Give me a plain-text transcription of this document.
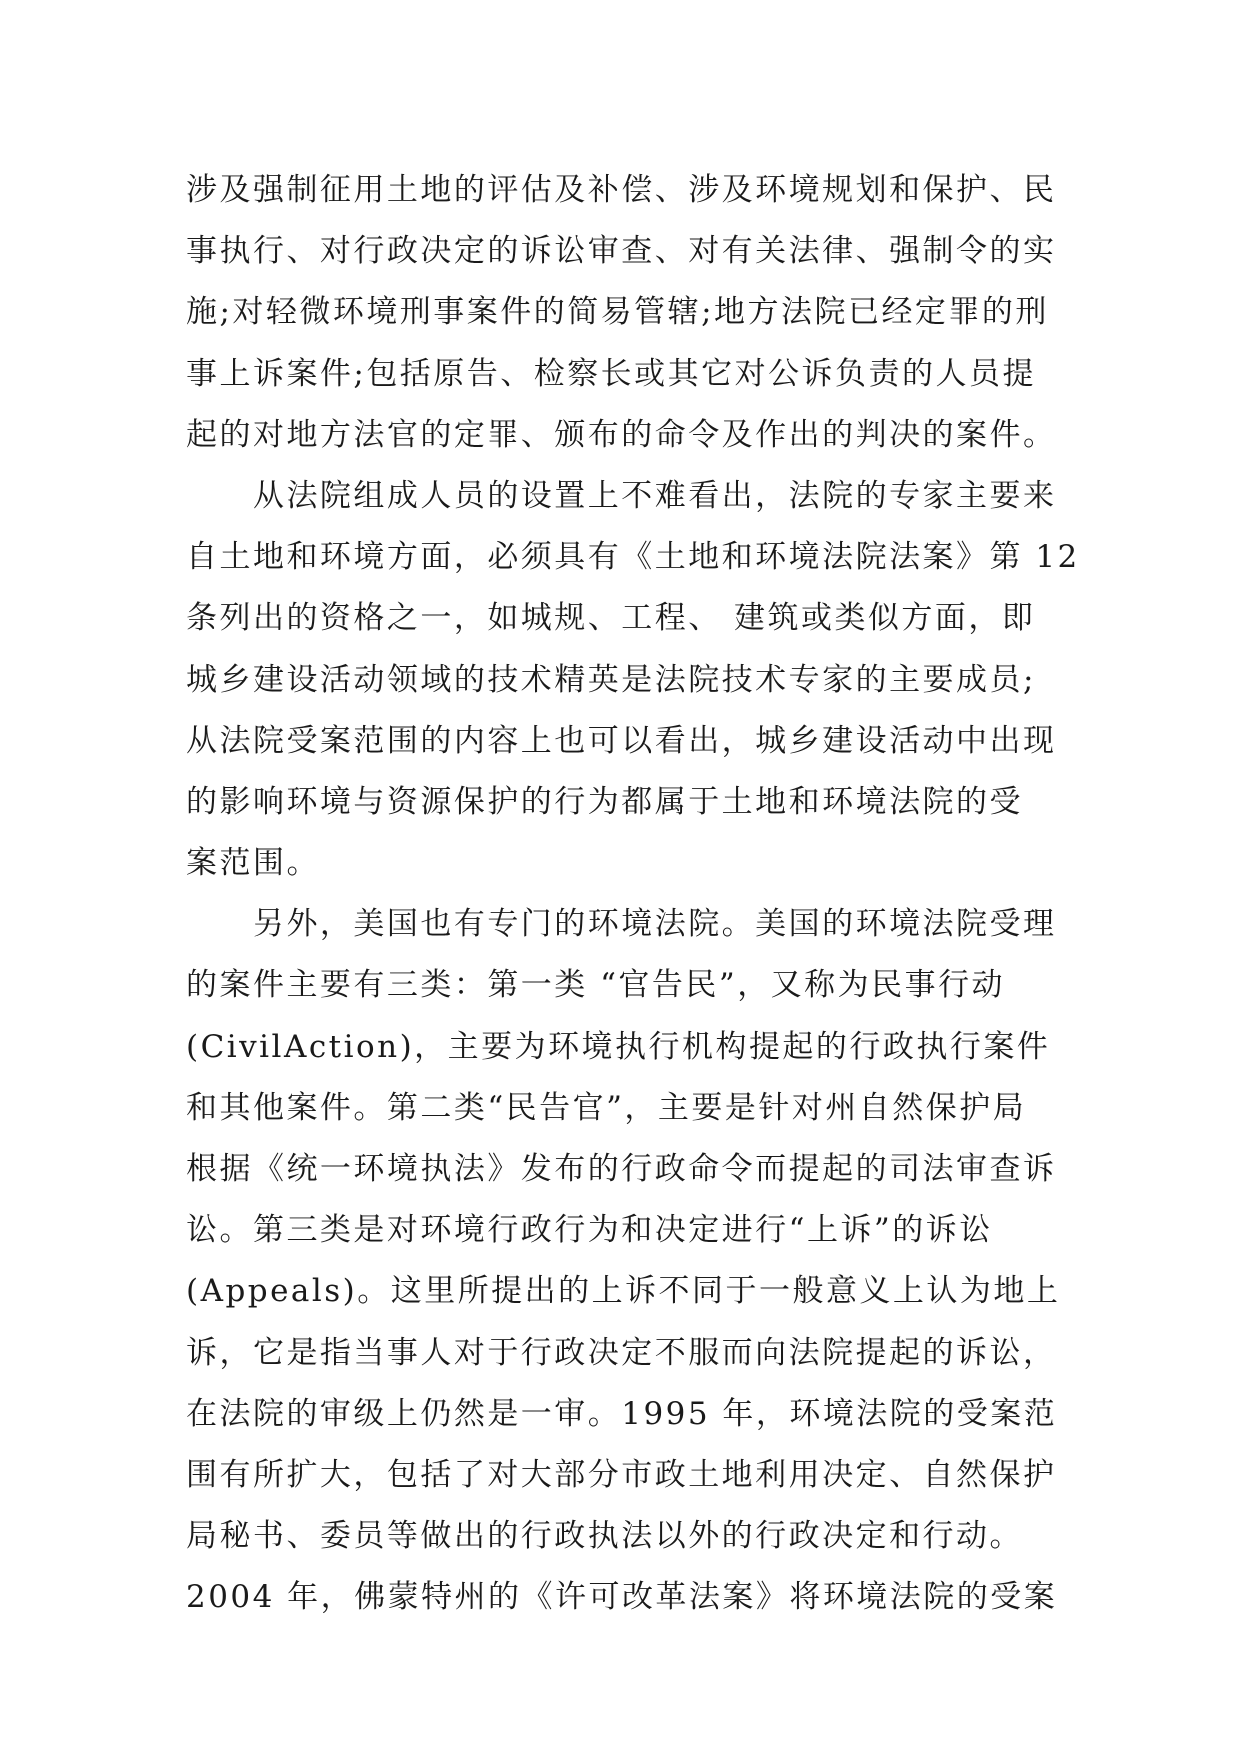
涉及强制征用土地的评估及补偿、涉及环境规划和保护、民
事执行、对行政决定的诉讼审查、对有关法律、强制令的实
施;对轻微环境刑事案件的简易管辖;地方法院已经定罪的刑
事上诉案件;包括原告、检察长或其它对公诉负责的人员提
起的对地方法官的定罪、颁布的命令及作出的判决的案件。
　　从法院组成人员的设置上不难看出，法院的专家主要来
自土地和环境方面，必须具有《土地和环境法院法案》第 12
条列出的资格之一，如城规、工程、 建筑或类似方面，即
城乡建设活动领域的技术精英是法院技术专家的主要成员;
从法院受案范围的内容上也可以看出，城乡建设活动中出现
的影响环境与资源保护的行为都属于土地和环境法院的受
案范围。
　　另外，美国也有专门的环境法院。美国的环境法院受理
的案件主要有三类：第一类 “官告民”，又称为民事行动
(CivilAction)，主要为环境执行机构提起的行政执行案件
和其他案件。第二类“民告官”，主要是针对州自然保护局
根据《统一环境执法》发布的行政命令而提起的司法审查诉
讼。第三类是对环境行政行为和决定进行“上诉”的诉讼
(Appeals)。这里所提出的上诉不同于一般意义上认为地上
诉，它是指当事人对于行政决定不服而向法院提起的诉讼，
在法院的审级上仍然是一审。1995 年，环境法院的受案范
围有所扩大，包括了对大部分市政土地利用决定、自然保护
局秘书、委员等做出的行政执法以外的行政决定和行动。
2004 年，佛蒙特州的《许可改革法案》将环境法院的受案
